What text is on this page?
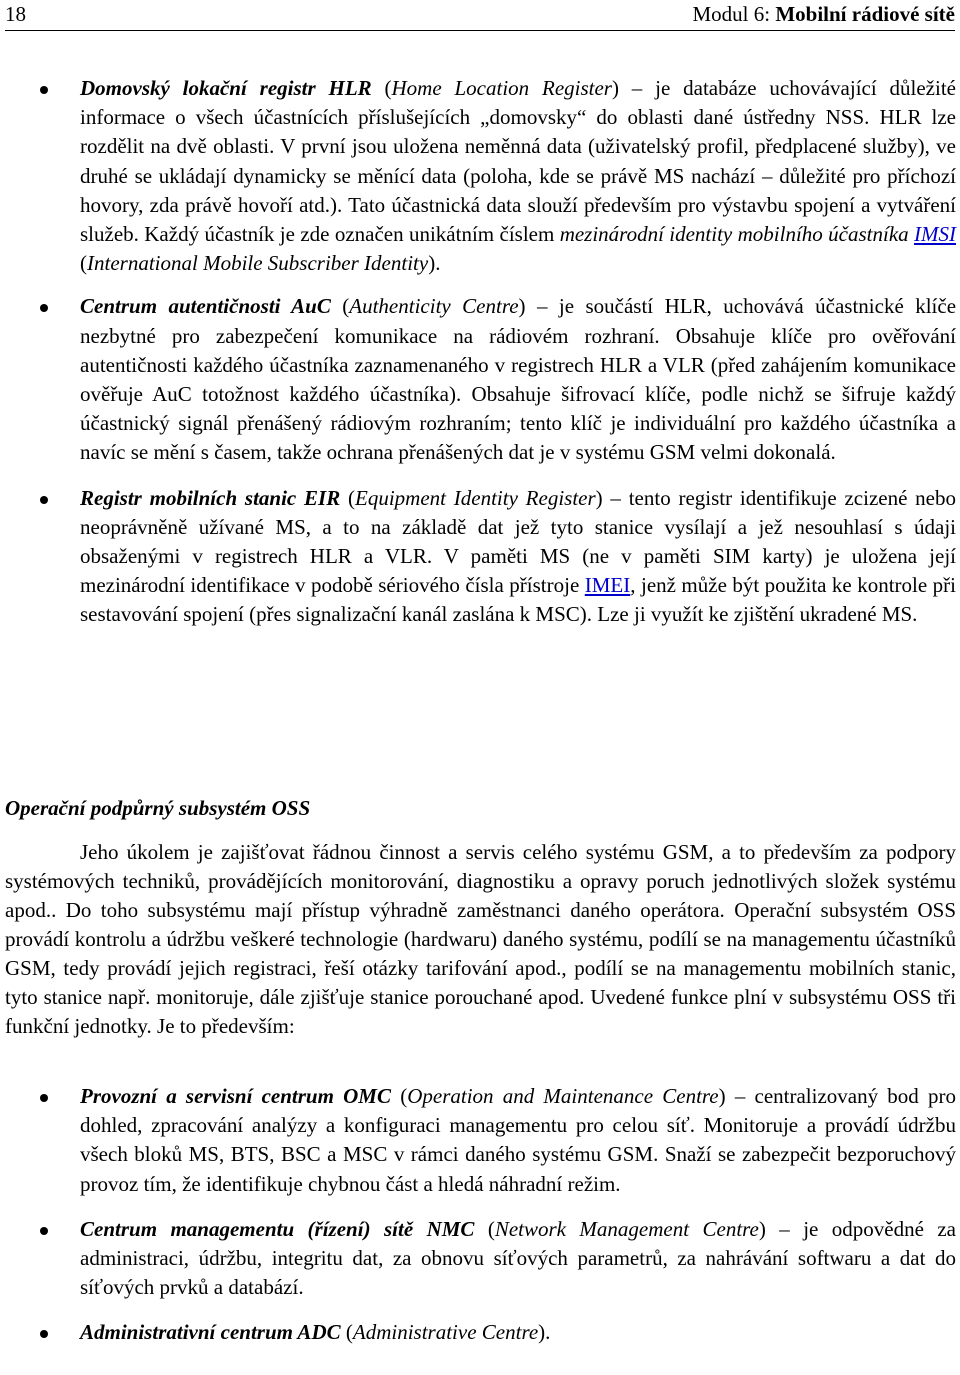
18	Modul 6: Mobilní rádiové sítě
Domovský lokační registr HLR (Home Location Register) – je databáze uchovávající důležité informace o všech účastnících příslušejících „domovsky“ do oblasti dané ústředny NSS. HLR lze rozdělit na dvě oblasti. V první jsou uložena neměnná data (uživatelský profil, předplacené služby), ve druhé se ukládají dynamicky se měnící data (poloha, kde se právě MS nachází – důležité pro příchozí hovory, zda právě hovoří atd.). Tato účastnická data slouží především pro výstavbu spojení a vytváření služeb. Každý účastník je zde označen unikátním číslem mezinárodní identity mobilního účastníka IMSI (International Mobile Subscriber Identity).
Centrum autentičnosti AuC (Authenticity Centre) – je součástí HLR, uchovává účastnické klíče nezbytné pro zabezpečení komunikace na rádiovém rozhraní. Obsahuje klíče pro ověřování autentičnosti každého účastníka zaznamenaného v registrech HLR a VLR (před zahájením komunikace ověřuje AuC totožnost každého účastníka). Obsahuje šifrovací klíče, podle nichž se šifruje každý účastnický signál přenášený rádiovým rozhraním; tento klíč je individuální pro každého účastníka a navíc se mění s časem, takže ochrana přenášených dat je v systému GSM velmi dokonalá.
Registr mobilních stanic EIR (Equipment Identity Register) – tento registr identifikuje zcizené nebo neoprávněně užívané MS, a to na základě dat jež tyto stanice vysílají a jež nesouhlasí s údaji obsaženými v registrech HLR a VLR. V paměti MS (ne v paměti SIM karty) je uložena její mezinárodní identifikace v podobě sériového čísla přístroje IMEI, jenž může být použita ke kontrole při sestavování spojení (přes signalizační kanál zaslána k MSC). Lze ji využít ke zjištění ukradené MS.
Operační podpůrný subsystém OSS

Jeho úkolem je zajišťovat řádnou činnost a servis celého systému GSM, a to především za podpory systémových techniků, provádějících monitorování, diagnostiku a opravy poruch jednotlivých složek systému apod.. Do toho subsystému mají přístup výhradně zaměstnanci daného operátora. Operační subsystém OSS provádí kontrolu a údržbu veškeré technologie (hardwaru) daného systému, podílí se na managementu účastníků GSM, tedy provádí jejich registraci, řeší otázky tarifování apod., podílí se na managementu mobilních stanic, tyto stanice např. monitoruje, dále zjišťuje stanice porouchané apod. Uvedené funkce plní v subsystému OSS tři funkční jednotky. Je to především:

Provozní a servisní centrum OMC (Operation and Maintenance Centre) – centralizovaný bod pro dohled, zpracování analýzy a konfiguraci managementu pro celou síť. Monitoruje a provádí údržbu všech bloků MS, BTS, BSC a MSC v rámci daného systému GSM. Snaží se zabezpečit bezporuchový provoz tím, že identifikuje chybnou část a hledá náhradní režim.
Centrum managementu (řízení) sítě NMC (Network Management Centre) – je odpovědné za administraci, údržbu, integritu dat, za obnovu síťových parametrů, za nahrávání softwaru a dat do síťových prvků a databází.
Administrativní centrum ADC (Administrative Centre).
